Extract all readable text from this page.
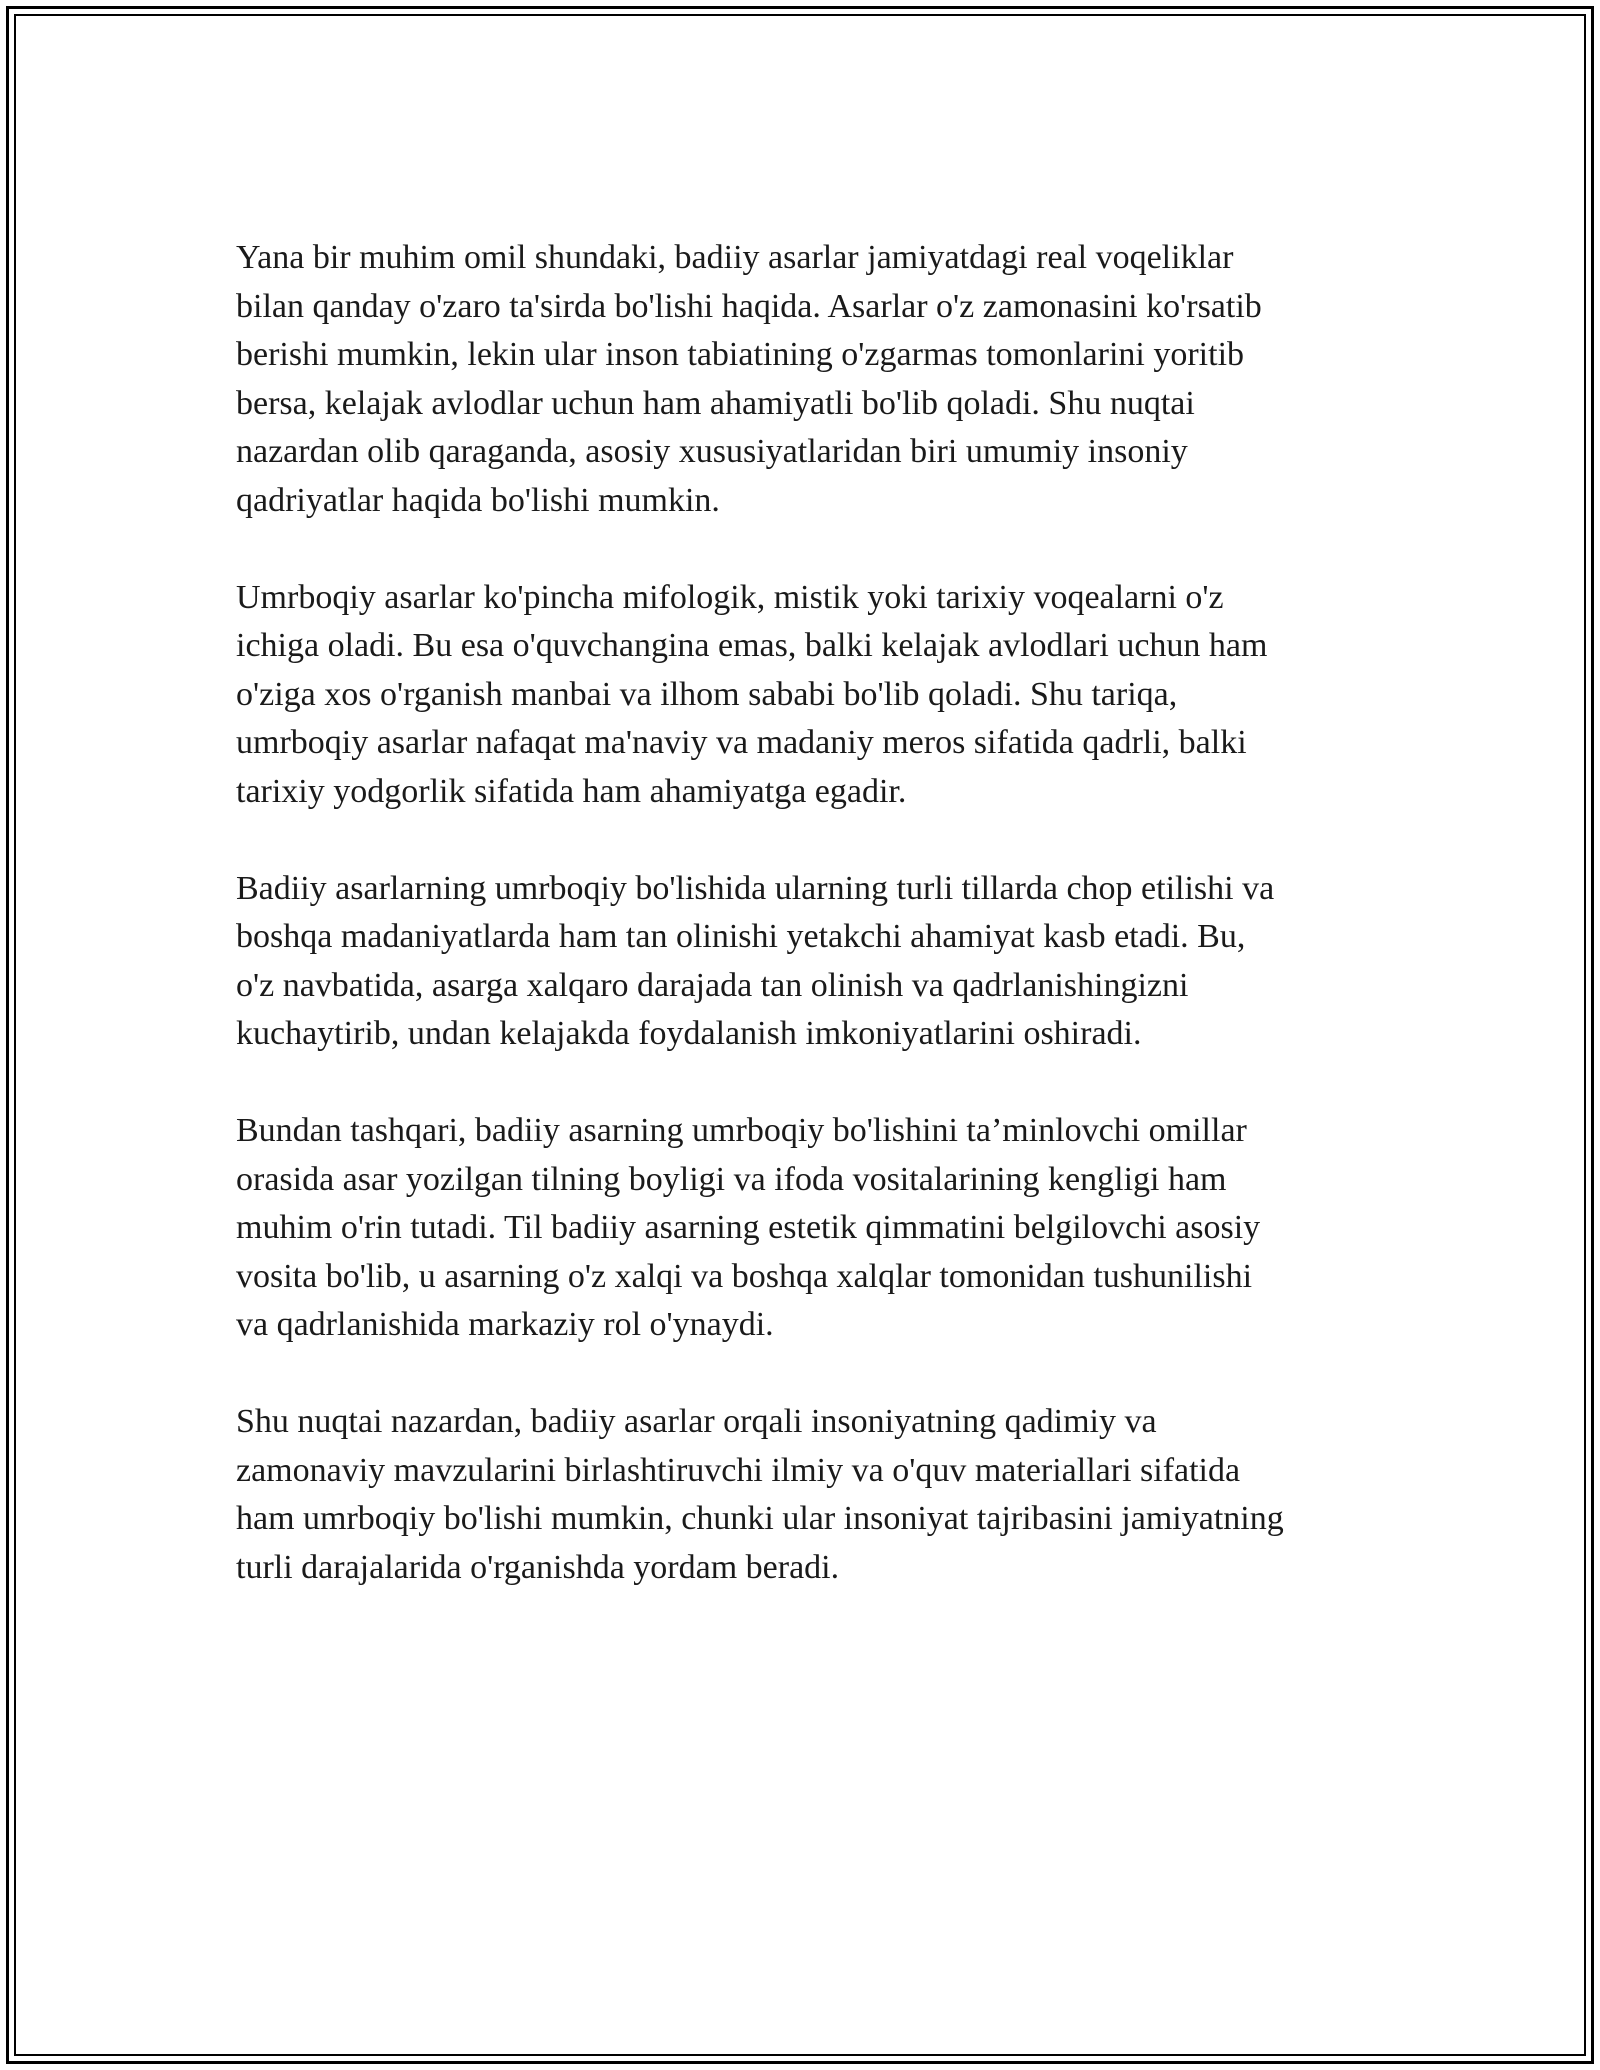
Yana bir muhim omil shundaki, badiiy asarlar jamiyatdagi real voqeliklar
bilan qanday o'zaro ta'sirda bo'lishi haqida. Asarlar o'z zamonasini ko'rsatib
berishi mumkin, lekin ular inson tabiatining o'zgarmas tomonlarini yoritib
bersa, kelajak avlodlar uchun ham ahamiyatli bo'lib qoladi. Shu nuqtai
nazardan olib qaraganda, asosiy xususiyatlaridan biri umumiy insoniy
qadriyatlar haqida bo'lishi mumkin.

Umrboqiy asarlar ko'pincha mifologik, mistik yoki tarixiy voqealarni o'z
ichiga oladi. Bu esa o'quvchangina emas, balki kelajak avlodlari uchun ham
o'ziga xos o'rganish manbai va ilhom sababi bo'lib qoladi. Shu tariqa,
umrboqiy asarlar nafaqat ma'naviy va madaniy meros sifatida qadrli, balki
tarixiy yodgorlik sifatida ham ahamiyatga egadir.

Badiiy asarlarning umrboqiy bo'lishida ularning turli tillarda chop etilishi va
boshqa madaniyatlarda ham tan olinishi yetakchi ahamiyat kasb etadi. Bu,
o'z navbatida, asarga xalqaro darajada tan olinish va qadrlanishingizni
kuchaytirib, undan kelajakda foydalanish imkoniyatlarini oshiradi.

Bundan tashqari, badiiy asarning umrboqiy bo'lishini ta’minlovchi omillar
orasida asar yozilgan tilning boyligi va ifoda vositalarining kengligi ham
muhim o'rin tutadi. Til badiiy asarning estetik qimmatini belgilovchi asosiy
vosita bo'lib, u asarning o'z xalqi va boshqa xalqlar tomonidan tushunilishi
va qadrlanishida markaziy rol o'ynaydi.

Shu nuqtai nazardan, badiiy asarlar orqali insoniyatning qadimiy va
zamonaviy mavzularini birlashtiruvchi ilmiy va o'quv materiallari sifatida
ham umrboqiy bo'lishi mumkin, chunki ular insoniyat tajribasini jamiyatning
turli darajalarida o'rganishda yordam beradi.
